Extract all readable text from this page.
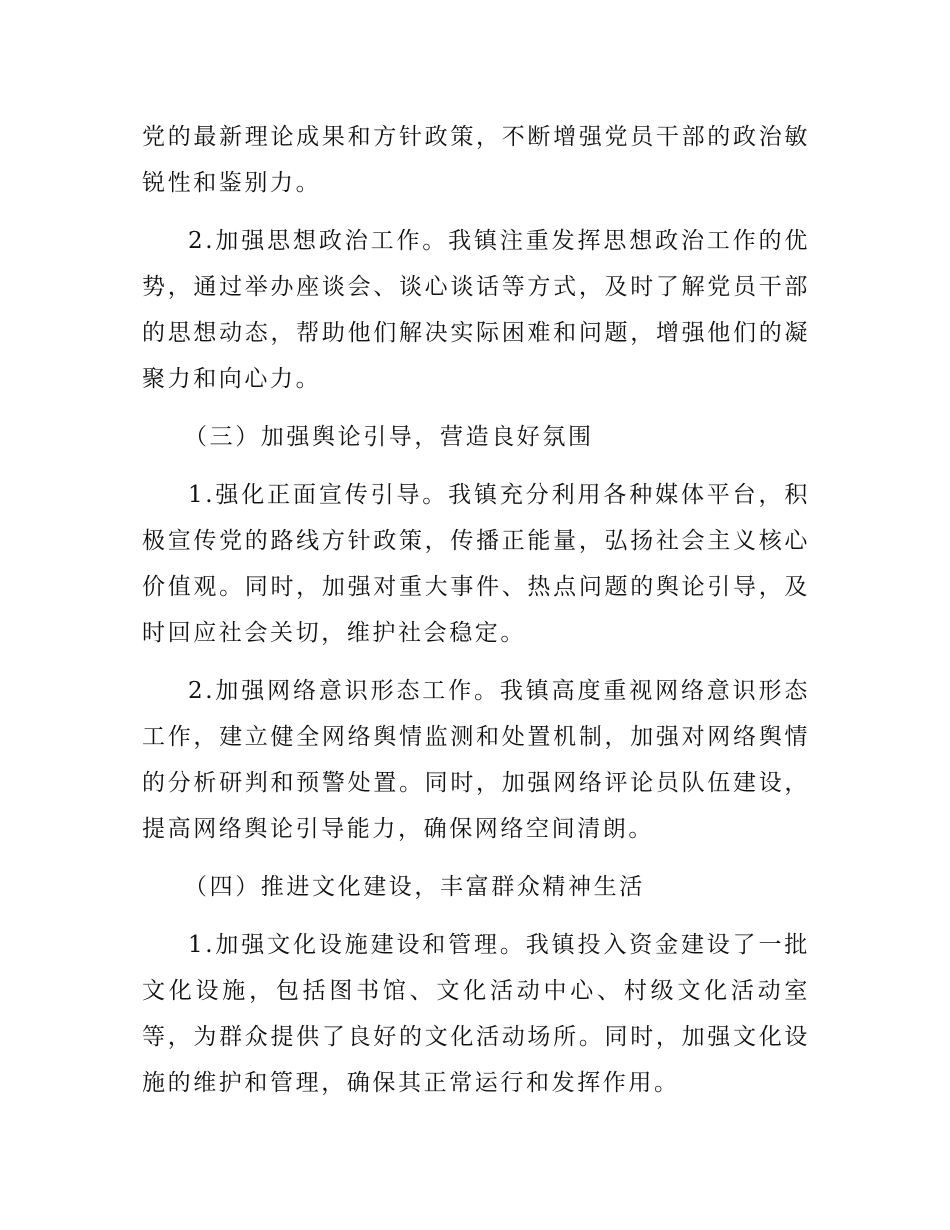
党的最新理论成果和方针政策，不断增强党员干部的政治敏锐性和鉴别力。

2.加强思想政治工作。我镇注重发挥思想政治工作的优势，通过举办座谈会、谈心谈话等方式，及时了解党员干部的思想动态，帮助他们解决实际困难和问题，增强他们的凝聚力和向心力。

（三）加强舆论引导，营造良好氛围

1.强化正面宣传引导。我镇充分利用各种媒体平台，积极宣传党的路线方针政策，传播正能量，弘扬社会主义核心价值观。同时，加强对重大事件、热点问题的舆论引导，及时回应社会关切，维护社会稳定。

2.加强网络意识形态工作。我镇高度重视网络意识形态工作，建立健全网络舆情监测和处置机制，加强对网络舆情的分析研判和预警处置。同时，加强网络评论员队伍建设，提高网络舆论引导能力，确保网络空间清朗。

（四）推进文化建设，丰富群众精神生活

1.加强文化设施建设和管理。我镇投入资金建设了一批文化设施，包括图书馆、文化活动中心、村级文化活动室等，为群众提供了良好的文化活动场所。同时，加强文化设施的维护和管理，确保其正常运行和发挥作用。
